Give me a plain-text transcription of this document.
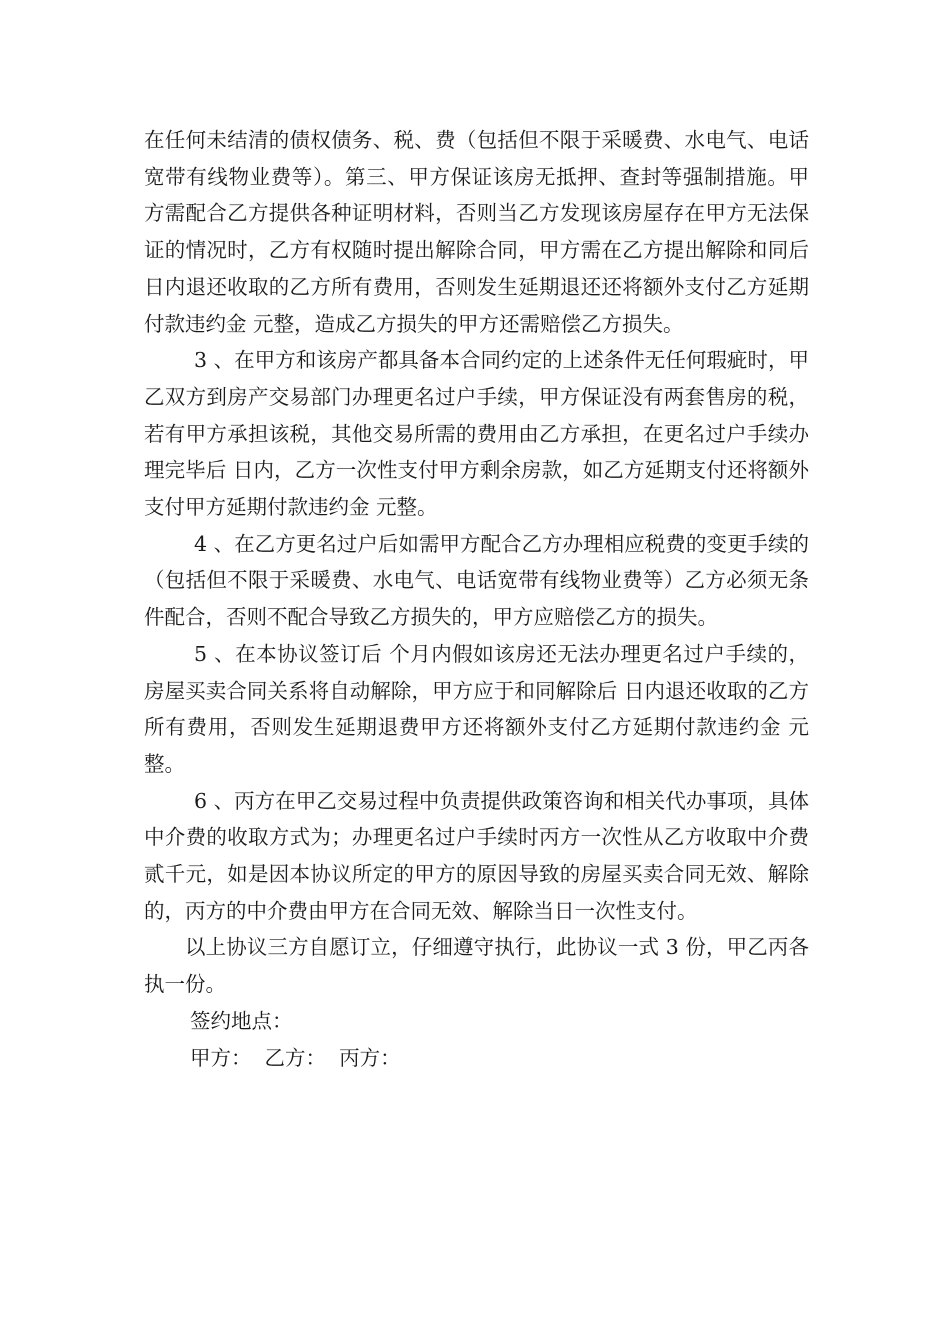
在任何未结清的债权债务、税、费（包括但不限于采暖费、水电气、电话宽带有线物业费等）。第三、甲方保证该房无抵押、查封等强制措施。甲方需配合乙方提供各种证明材料，否则当乙方发现该房屋存在甲方无法保证的情况时，乙方有权随时提出解除合同，甲方需在乙方提出解除和同后 日内退还收取的乙方所有费用，否则发生延期退还还将额外支付乙方延期付款违约金 元整，造成乙方损失的甲方还需赔偿乙方损失。

3 、在甲方和该房产都具备本合同约定的上述条件无任何瑕疵时，甲乙双方到房产交易部门办理更名过户手续，甲方保证没有两套售房的税，若有甲方承担该税，其他交易所需的费用由乙方承担，在更名过户手续办理完毕后 日内，乙方一次性支付甲方剩余房款，如乙方延期支付还将额外支付甲方延期付款违约金 元整。

4 、在乙方更名过户后如需甲方配合乙方办理相应税费的变更手续的（包括但不限于采暖费、水电气、电话宽带有线物业费等）乙方必须无条件配合，否则不配合导致乙方损失的，甲方应赔偿乙方的损失。

5 、在本协议签订后 个月内假如该房还无法办理更名过户手续的，房屋买卖合同关系将自动解除，甲方应于和同解除后 日内退还收取的乙方所有费用，否则发生延期退费甲方还将额外支付乙方延期付款违约金 元整。

6 、丙方在甲乙交易过程中负责提供政策咨询和相关代办事项，具体中介费的收取方式为；办理更名过户手续时丙方一次性从乙方收取中介费贰千元，如是因本协议所定的甲方的原因导致的房屋买卖合同无效、解除的，丙方的中介费由甲方在合同无效、解除当日一次性支付。

以上协议三方自愿订立，仔细遵守执行，此协议一式 3 份，甲乙丙各执一份。

签约地点：

甲方：  乙方：  丙方：
